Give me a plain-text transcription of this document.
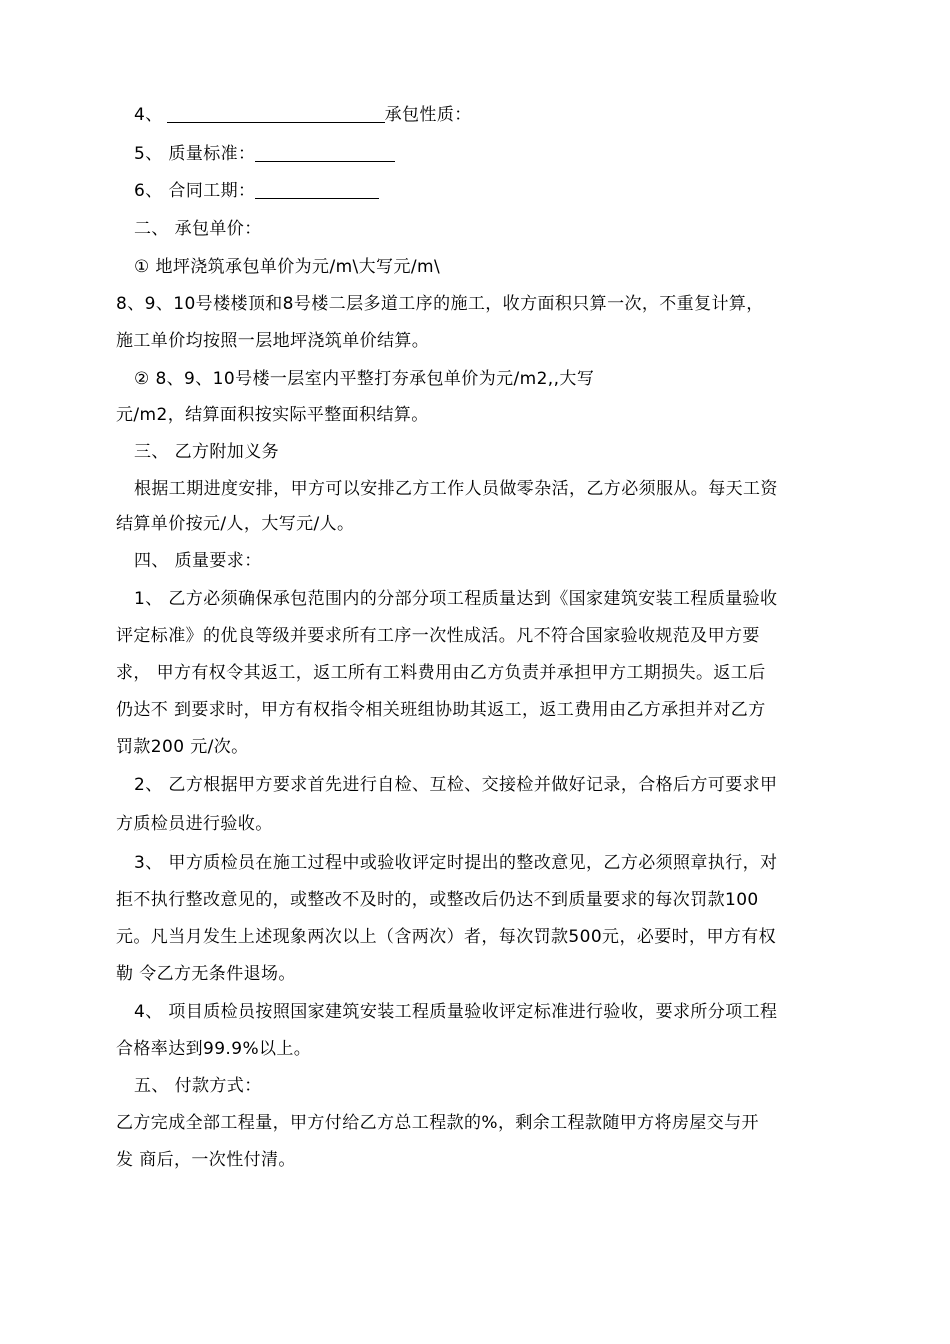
4、	承包性质：
5、 质量标准：
6、 合同工期：
二、 承包单价：
① 地坪浇筑承包单价为元/m\大写元/m\
8、9、10号楼楼顶和8号楼二层多道工序的施工，收方面积只算一次，不重复计算，
施工单价均按照一层地坪浇筑单价结算。
② 8、9、10号楼一层室内平整打夯承包单价为元/m2,,大写
元/m2，结算面积按实际平整面积结算。
三、 乙方附加义务
根据工期进度安排，甲方可以安排乙方工作人员做零杂活，乙方必须服从。每天工资
结算单价按元/人，大写元/人。
四、 质量要求：
1、 乙方必须确保承包范围内的分部分项工程质量达到《国家建筑安装工程质量验收
评定标准》的优良等级并要求所有工序一次性成活。凡不符合国家验收规范及甲方要
求， 甲方有权令其返工，返工所有工料费用由乙方负责并承担甲方工期损失。返工后
仍达不 到要求时，甲方有权指令相关班组协助其返工，返工费用由乙方承担并对乙方
罚款200 元/次。
2、 乙方根据甲方要求首先进行自检、互检、交接检并做好记录，合格后方可要求甲
方质检员进行验收。
3、 甲方质检员在施工过程中或验收评定时提出的整改意见，乙方必须照章执行，对
拒不执行整改意见的，或整改不及时的，或整改后仍达不到质量要求的每次罚款100
元。凡当月发生上述现象两次以上（含两次）者，每次罚款500元，必要时，甲方有权
勒 令乙方无条件退场。
4、 项目质检员按照国家建筑安装工程质量验收评定标准进行验收，要求所分项工程
合格率达到99.9%以上。
五、 付款方式：
乙方完成全部工程量，甲方付给乙方总工程款的%，剩余工程款随甲方将房屋交与开
发 商后，一次性付清。
